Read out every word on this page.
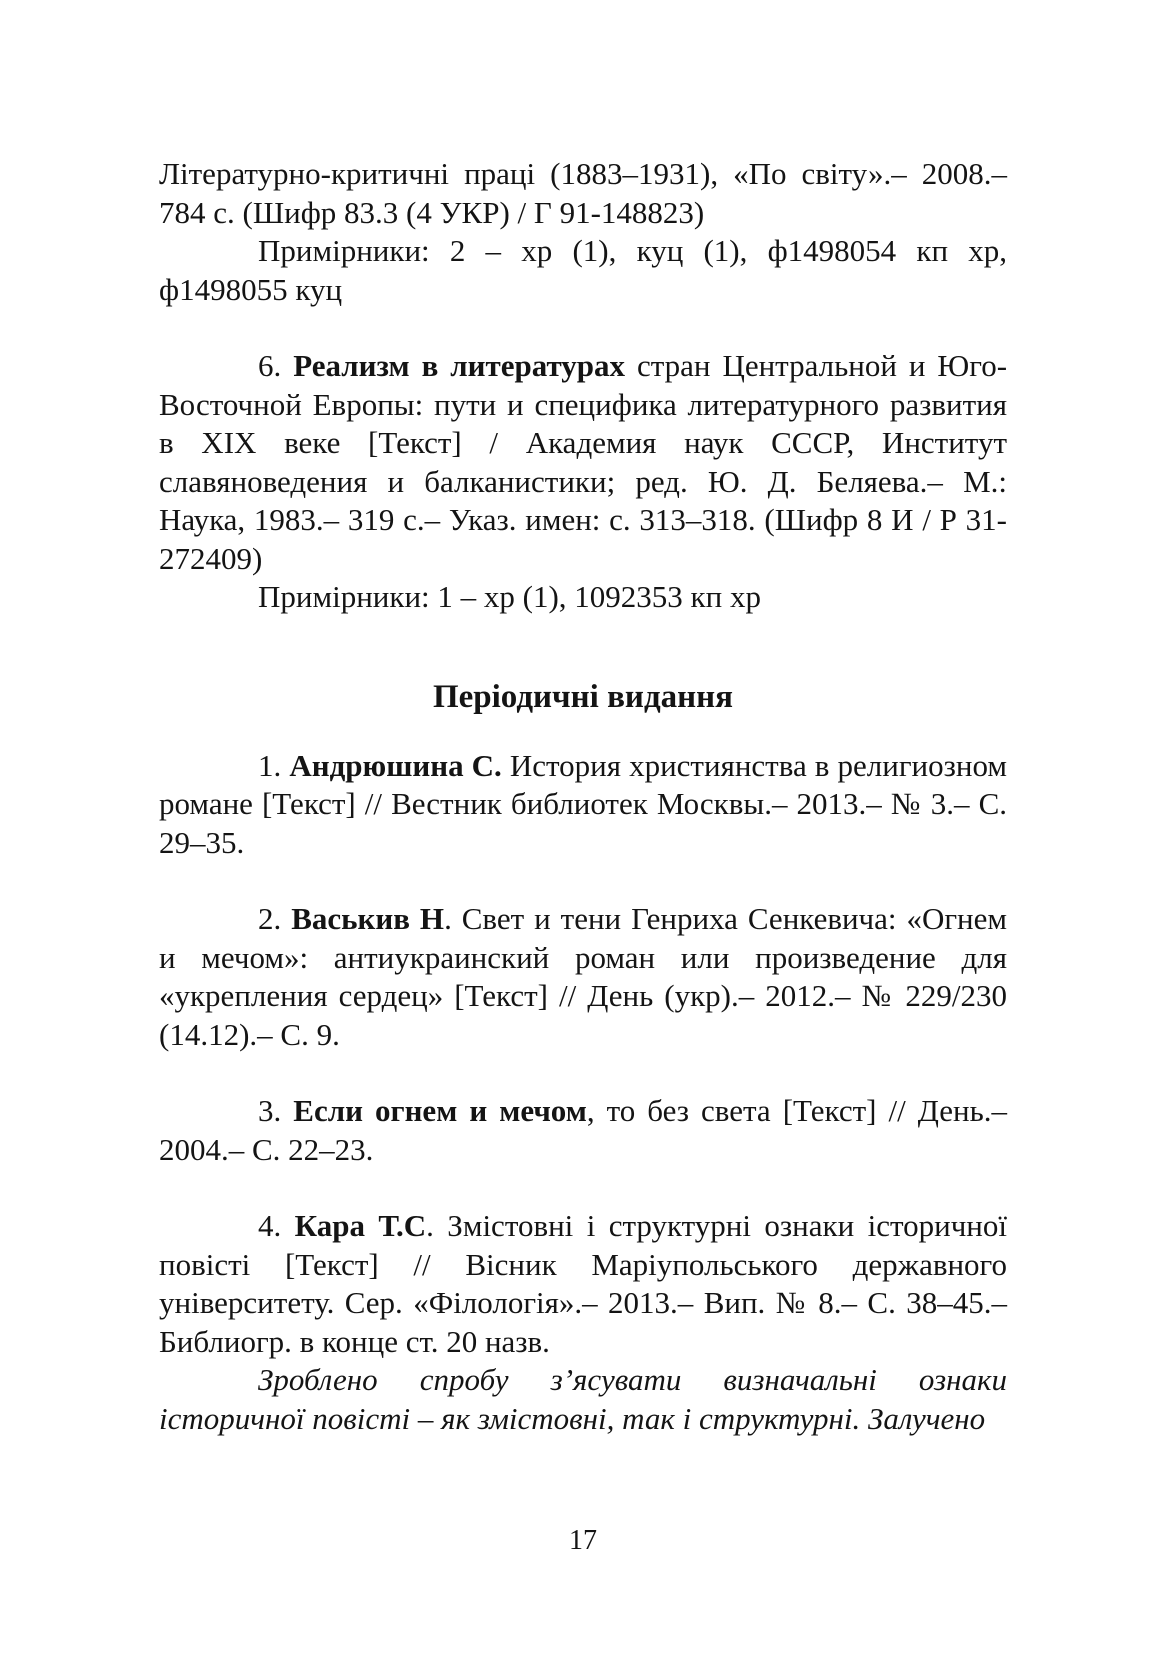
Літературно-критичні праці (1883–1931), «По світу».– 2008.– 784 с. (Шифр 83.3 (4 УКР) / Г 91-148823)

Примірники: 2 – хр (1), куц (1), ф1498054 кп хр, ф1498055 куц

6. Реализм в литературах стран Центральной и Юго-Восточной Европы: пути и специфика литературного развития в XIX веке [Текст] / Академия наук СССР, Институт славяноведения и балканистики; ред. Ю. Д. Беляева.– М.: Наука, 1983.– 319 с.– Указ. имен: с. 313–318. (Шифр 8 И / Р 31-272409)

Примірники: 1 – хр (1), 1092353 кп хр

Періодичні видання

1. Андрюшина С. История християнства в религиозном романе [Текст] // Вестник библиотек Москвы.– 2013.– № 3.– С. 29–35.

2. Васькив Н. Свет и тени Генриха Сенкевича: «Огнем и мечом»: антиукраинский роман или произведение для «укрепления сердец» [Текст] // День (укр).– 2012.– № 229/230 (14.12).– С. 9.

3. Если огнем и мечом, то без света [Текст] // День.– 2004.– С. 22–23.

4. Кара Т.С. Змістовні і структурні ознаки історичної повісті [Текст] // Вісник Маріупольського державного університету. Сер. «Філологія».– 2013.– Вип. № 8.– С. 38–45.– Библиогр. в конце ст. 20 назв.

Зроблено спробу з’ясувати визначальні ознаки історичної повісті – як змістовні, так і структурні. Залучено

17
